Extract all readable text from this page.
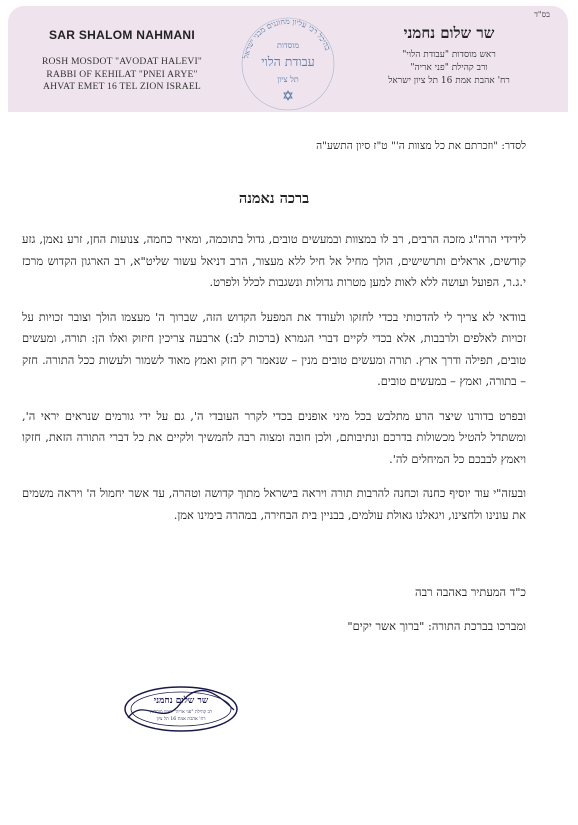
בס"ד
SAR SHALOM NAHMANI
ROSH MOSDOT "AVODAT HALEVI"
RABBI OF KEHILAT "PNEI ARYE"
AHVAT EMET 16 TEL ZION ISRAEL
בהיכל רבי עליון מחוננים מבני ישראל
מוסדות
עבודת הלוי
תל ציון
שר שלום נחמני
ראש מוסדות "עבודת הלוי"
ורב קהילת "פני אריה"
רח' אהבת אמת 16 תל ציון ישראל
לסדר: "וזכרתם את כל מצוות ה'" ט"ז סיון התשע"ה
ברכה נאמנה

לידידי הרה"ג מזכה הרבים, רב לו במצוות ובמעשים טובים, גדול בתוכמה, ומאיר כחמה, צנועות החן, זרע נאמן, גזע קודשים, אראלים ותרשישים, הולך מחיל אל חיל ללא מעצור, הרב דניאל עשור שליט"א, רב הארגון הקדוש מרכז י.ג.ר, הפועל ועושה ללא לאות למען מטרות גדולות ונשגבות לכלל ולפרט.

בוודאי לא צריך לי להדכותי בכדי לחזקו ולעודד את המפעל הקדוש הזה, שברוך ה' מעצמו הולך וצובר זכויות על זכויות לאלפים ולרבבות, אלא בכדי לקיים דברי הגמרא (ברכות לב:) ארבעה צריכין חיזוק ואלו הן: תורה, ומעשים טובים, תפילה ודרך ארץ. תורה ומעשים טובים מנין – שנאמר רק חזק ואמץ מאוד לשמור ולעשות ככל התורה. חזק – בתורה, ואמץ – במעשים טובים.

ובפרט בדורנו שיצר הרע מתלבש בכל מיני אופנים בכדי לקרר העובדי ה', גם על ידי גורמים שנראים יראי ה', ומשתדל להטיל מכשולות בדרכם ונתיבותם, ולכן חובה ומצוה רבה להמשיך ולקיים את כל דברי התורה הזאת, חזקו ויאמץ לבבכם כל המיחלים לה'.

ובעזה"י עוד יוסיף כחנה וכחנה להרבות תורה ויראה בישראל מתוך קדושה וטהרה, עד אשר יחמול ה' ויראה משמים את עונינו ולחצינו, ויגאלנו גאולת עולמים, בבניין בית הבחירה, במהרה בימינו אמן.

כ"ד המעתיר באהבה רבה
ומברכו בברכת התורה: "ברוך אשר יקים"
שר שלום נחמני
רב קהילת "פני אריה" ראש מוסדות
רח' אהבת אמת 16 תל ציון
